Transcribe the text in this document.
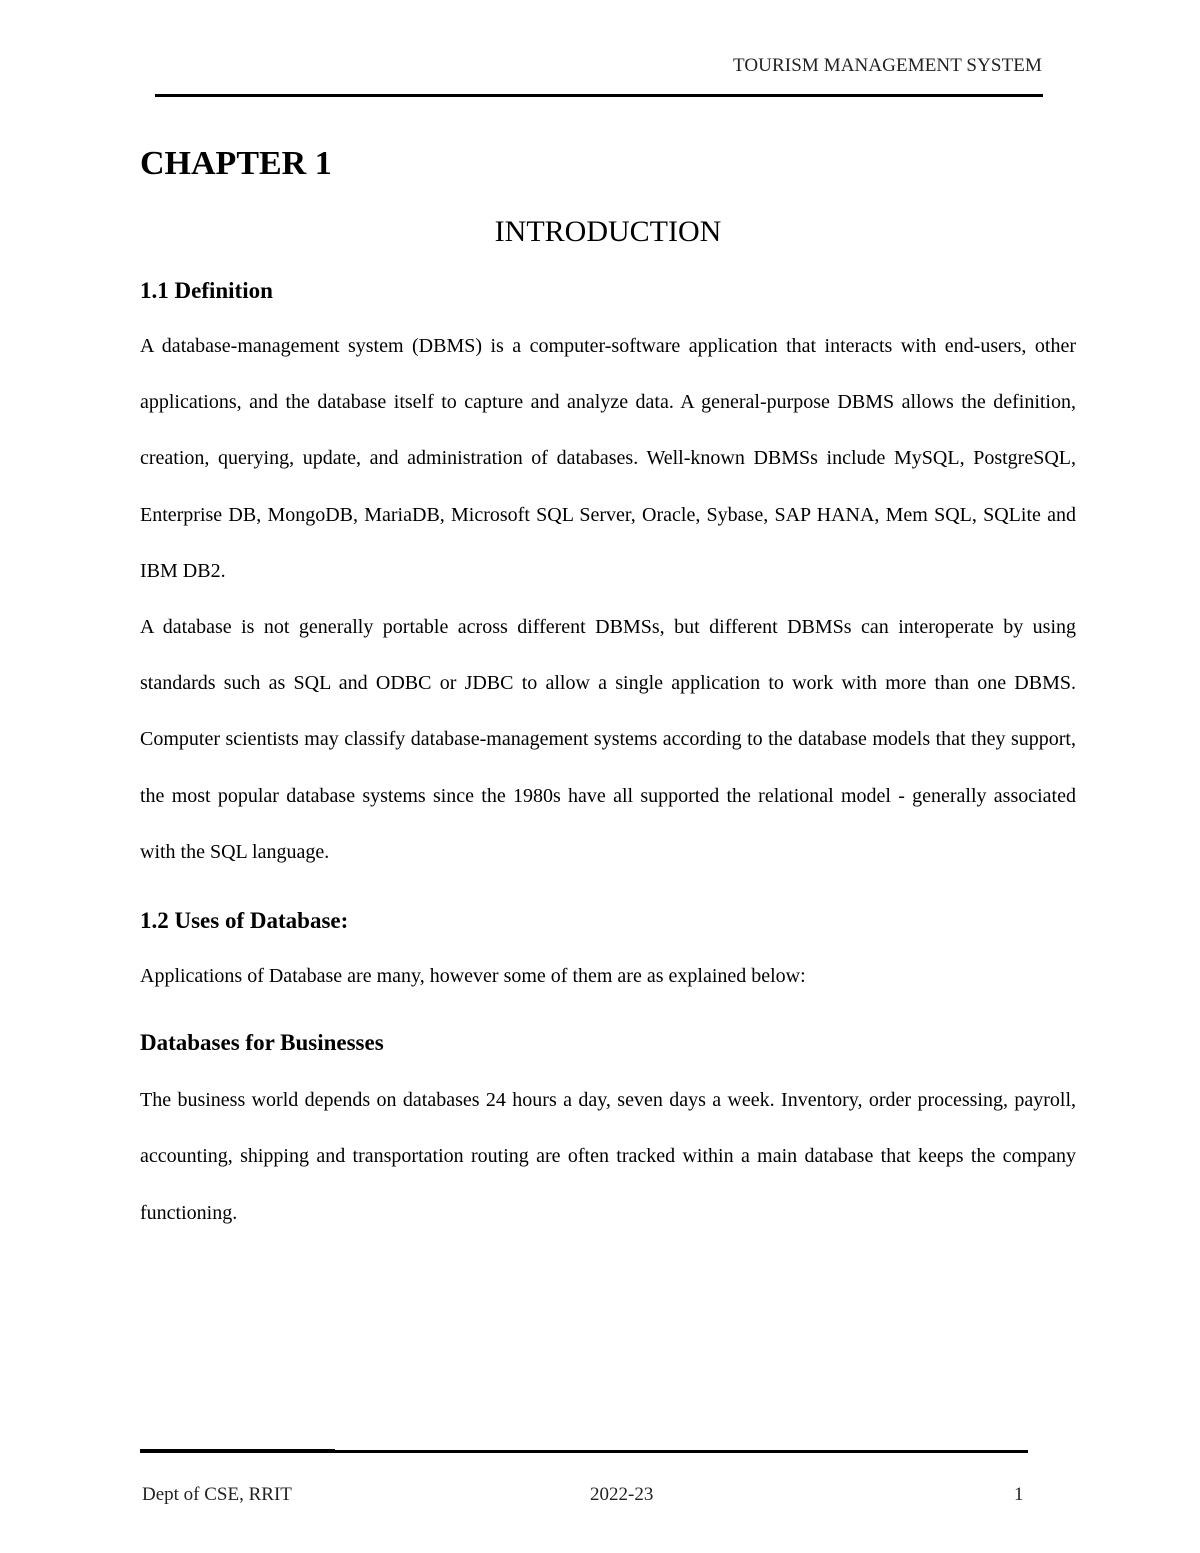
TOURISM MANAGEMENT SYSTEM
CHAPTER 1
INTRODUCTION
1.1 Definition

A database-management system (DBMS) is a computer-software application that interacts with end-users, other applications, and the database itself to capture and analyze data. A general-purpose DBMS allows the definition, creation, querying, update, and administration of databases. Well-known DBMSs include MySQL, PostgreSQL, Enterprise DB, MongoDB, MariaDB, Microsoft SQL Server, Oracle, Sybase, SAP HANA, Mem SQL, SQLite and IBM DB2.

A database is not generally portable across different DBMSs, but different DBMSs can interoperate by using standards such as SQL and ODBC or JDBC to allow a single application to work with more than one DBMS. Computer scientists may classify database-management systems according to the database models that they support, the most popular database systems since the 1980s have all supported the relational model - generally associated with the SQL language.

1.2 Uses of Database:

Applications of Database are many, however some of them are as explained below:

Databases for Businesses

The business world depends on databases 24 hours a day, seven days a week. Inventory, order processing, payroll, accounting, shipping and transportation routing are often tracked within a main database that keeps the company functioning.

Dept of CSE, RRIT	2022-23	1
